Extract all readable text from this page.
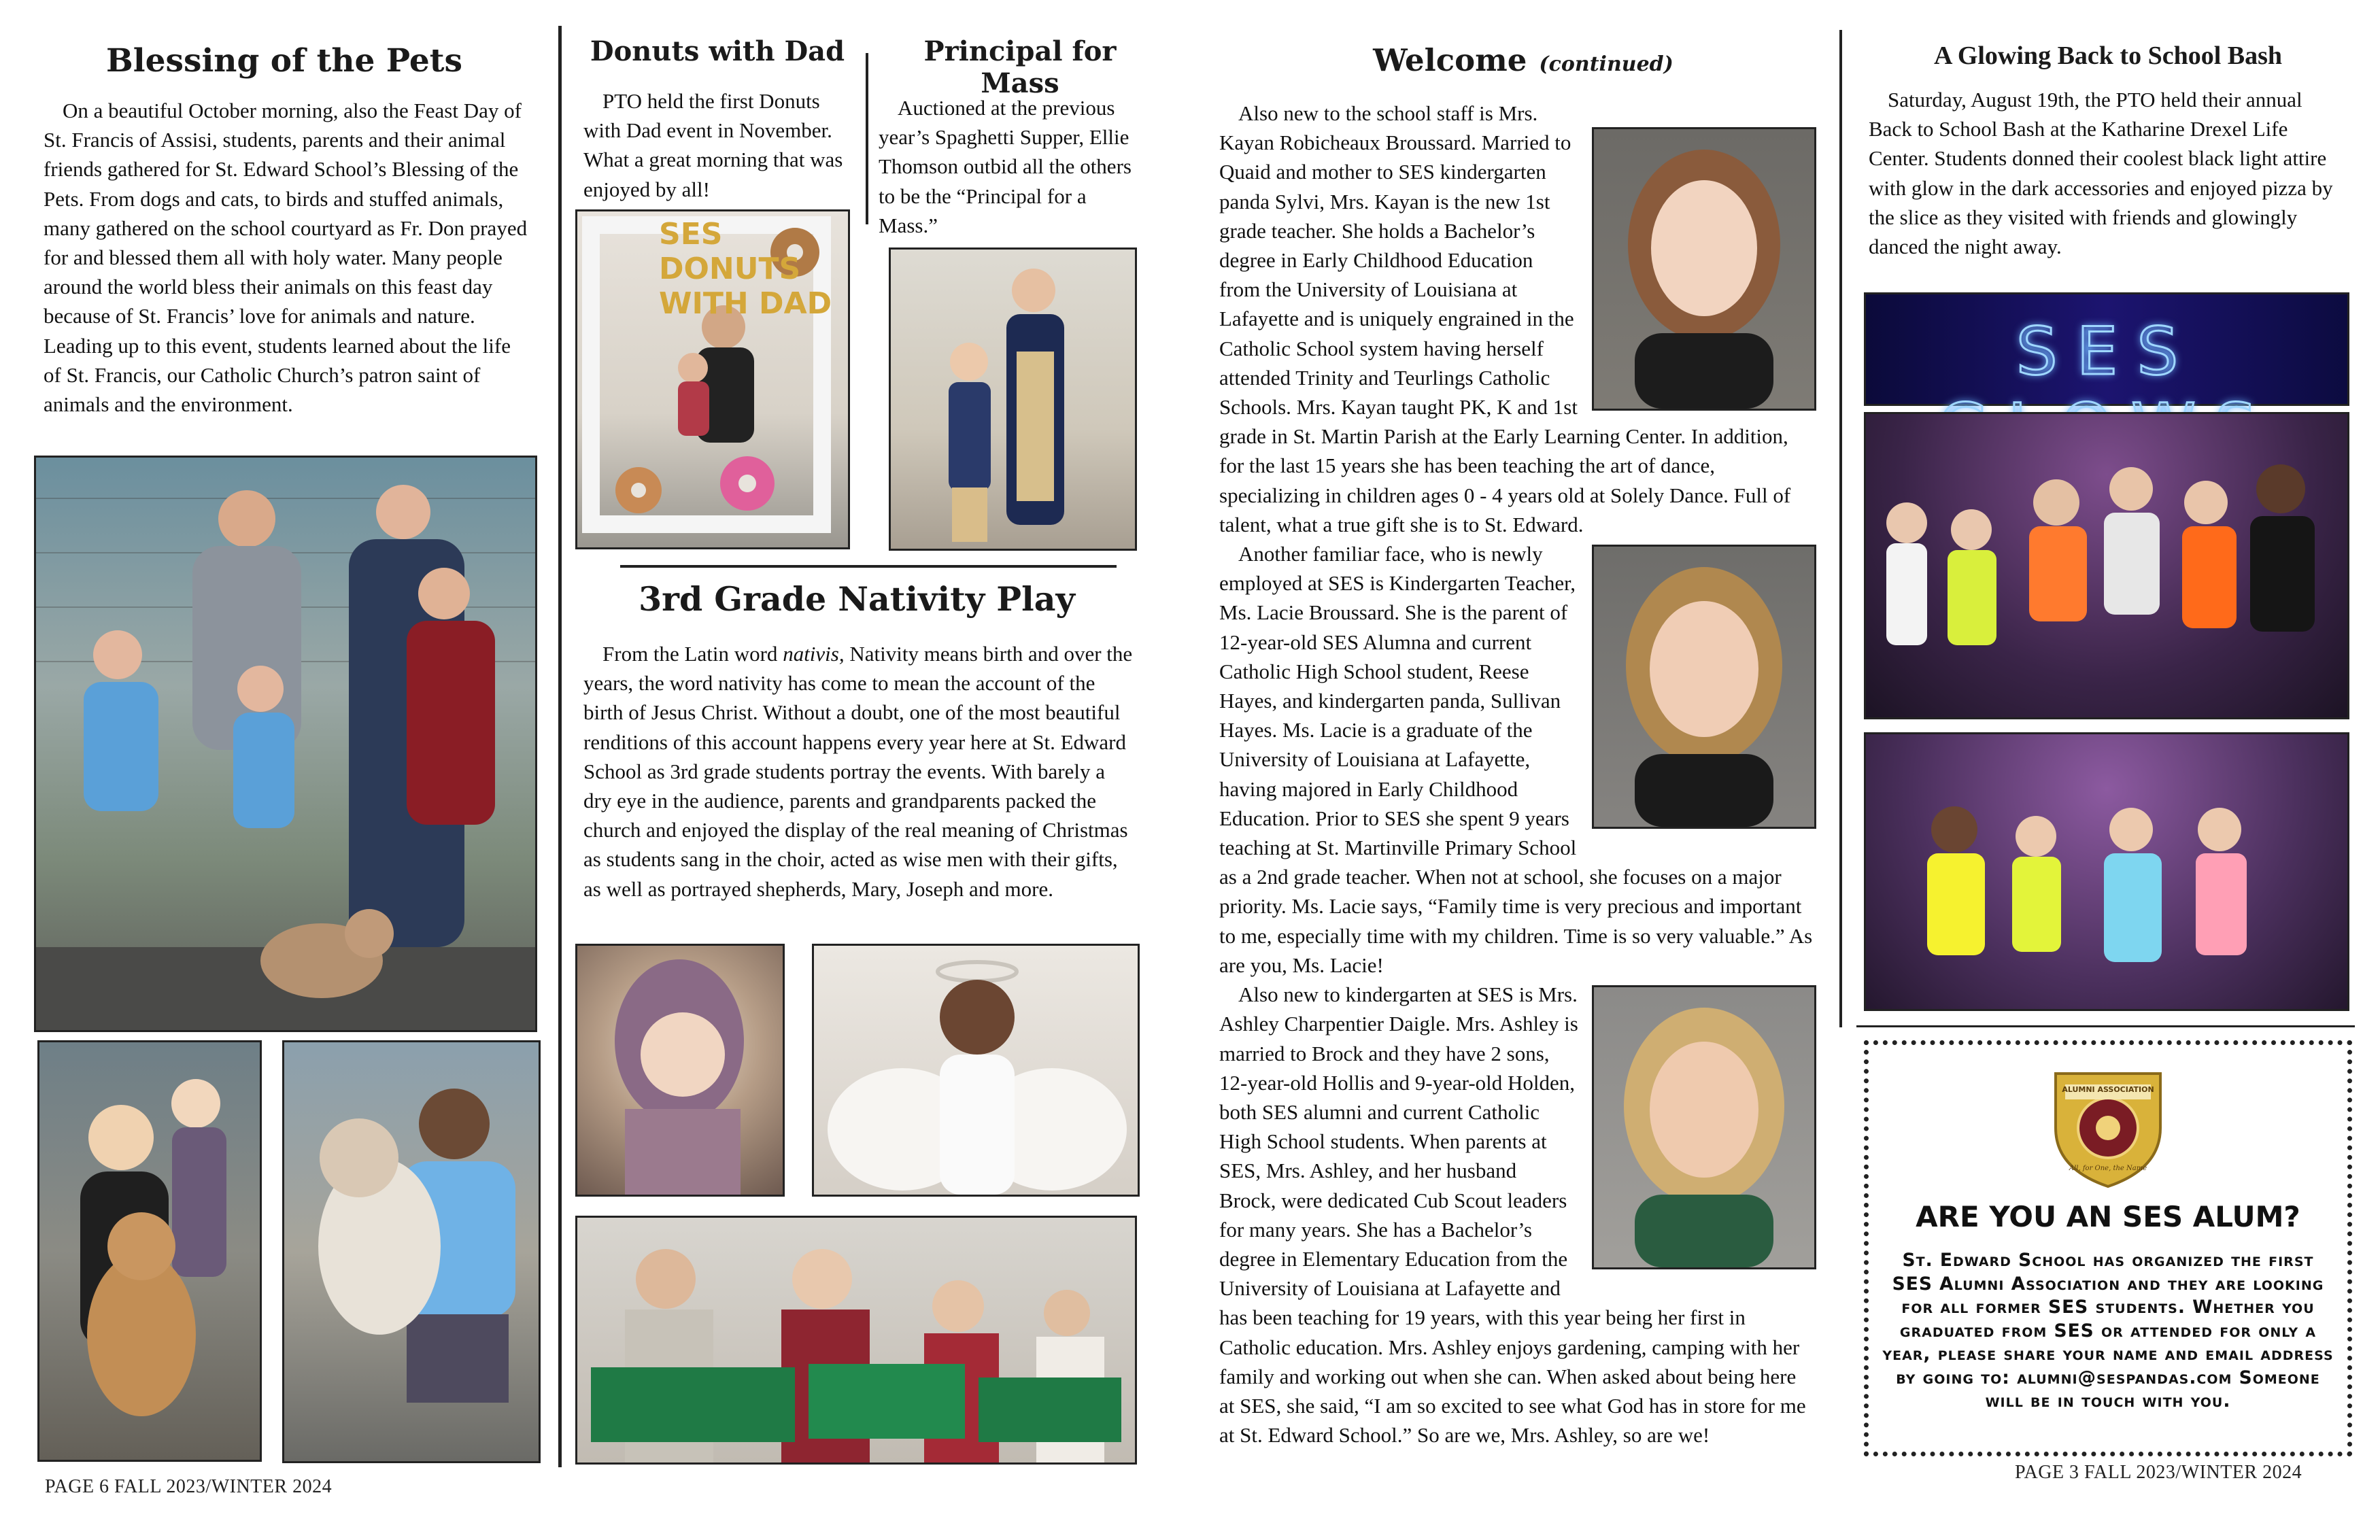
Blessing of the Pets

On a beautiful October morning, also the Feast Day of St. Francis of Assisi, students, parents and their animal friends gathered for St. Edward School’s Blessing of the Pets. From dogs and cats, to birds and stuffed animals, many gathered on the school courtyard as Fr. Don prayed for and blessed them all with holy water. Many people around the world bless their animals on this feast day because of St. Francis’ love for animals and nature. Leading up to this event, students learned about the life of St. Francis, our Catholic Church’s patron saint of animals and the environment.

Donuts with Dad

PTO held the first Donuts with Dad event in November. What a great morning that was enjoyed by all!

Principal for Mass

Auctioned at the previous year’s Spaghetti Supper, Ellie Thomson outbid all the others to be the “Principal for a Mass.”

SES DONUTS WITH DAD
3rd Grade Nativity Play

From the Latin word nativis, Nativity means birth and over the years, the word nativity has come to mean the account of the birth of Jesus Christ. Without a doubt, one of the most beautiful renditions of this account happens every year here at St. Edward School as 3rd grade students portray the events. With barely a dry eye in the audience, parents and grandparents packed the church and enjoyed the display of the real meaning of Christmas as students sang in the choir, acted as wise men with their gifts, as well as portrayed shepherds, Mary, Joseph and more.

PAGE 6 FALL 2023/WINTER 2024
Welcome (continued)

Also new to the school staff is Mrs. Kayan Robicheaux Broussard. Married to Quaid and mother to SES kindergarten panda Sylvi, Mrs. Kayan is the new 1st grade teacher. She holds a Bachelor’s degree in Early Childhood Education from the University of Louisiana at Lafayette and is uniquely engrained in the Catholic School system having herself attended Trinity and Teurlings Catholic Schools. Mrs. Kayan taught PK, K and 1st grade in St. Martin Parish at the Early Learning Center. In addition, for the last 15 years she has been teaching the art of dance, specializing in children ages 0 - 4 years old at Solely Dance. Full of talent, what a true gift she is to St. Edward.

Another familiar face, who is newly employed at SES is Kindergarten Teacher, Ms. Lacie Broussard. She is the parent of 12-year-old SES Alumna and current Catholic High School student, Reese Hayes, and kindergarten panda, Sullivan Hayes. Ms. Lacie is a graduate of the University of Louisiana at Lafayette, having majored in Early Childhood Education. Prior to SES she spent 9 years teaching at St. Martinville Primary School as a 2nd grade teacher. When not at school, she focuses on a major priority. Ms. Lacie says, “Family time is very precious and important to me, especially time with my children. Time is so very valuable.” As are you, Ms. Lacie!

Also new to kindergarten at SES is Mrs. Ashley Charpentier Daigle. Mrs. Ashley is married to Brock and they have 2 sons, 12-year-old Hollis and 9-year-old Holden, both SES alumni and current Catholic High School students. When parents at SES, Mrs. Ashley, and her husband Brock, were dedicated Cub Scout leaders for many years. She has a Bachelor’s degree in Elementary Education from the University of Louisiana at Lafayette and has been teaching for 19 years, with this year being her first in Catholic education. Mrs. Ashley enjoys gardening, camping with her family and working out when she can. When asked about being here at SES, she said, “I am so excited to see what God has in store for me at St. Edward School.” So are we, Mrs. Ashley, so are we!

A Glowing Back to School Bash

Saturday, August 19th, the PTO held their annual Back to School Bash at the Katharine Drexel Life Center. Students donned their coolest black light attire with glow in the dark accessories and enjoyed pizza by the slice as they visited with friends and glowingly danced the night away.

SES
ALUMNI ASSOCIATION
All, for One, the Name
ARE YOU AN SES ALUM?

St. Edward School has organized the first SES Alumni Association and they are looking for all former SES students. Whether you graduated from SES or attended for only a year, please share your name and email address by going to: alumni@sespandas.com Someone will be in touch with you.

PAGE 3 FALL 2023/WINTER 2024
